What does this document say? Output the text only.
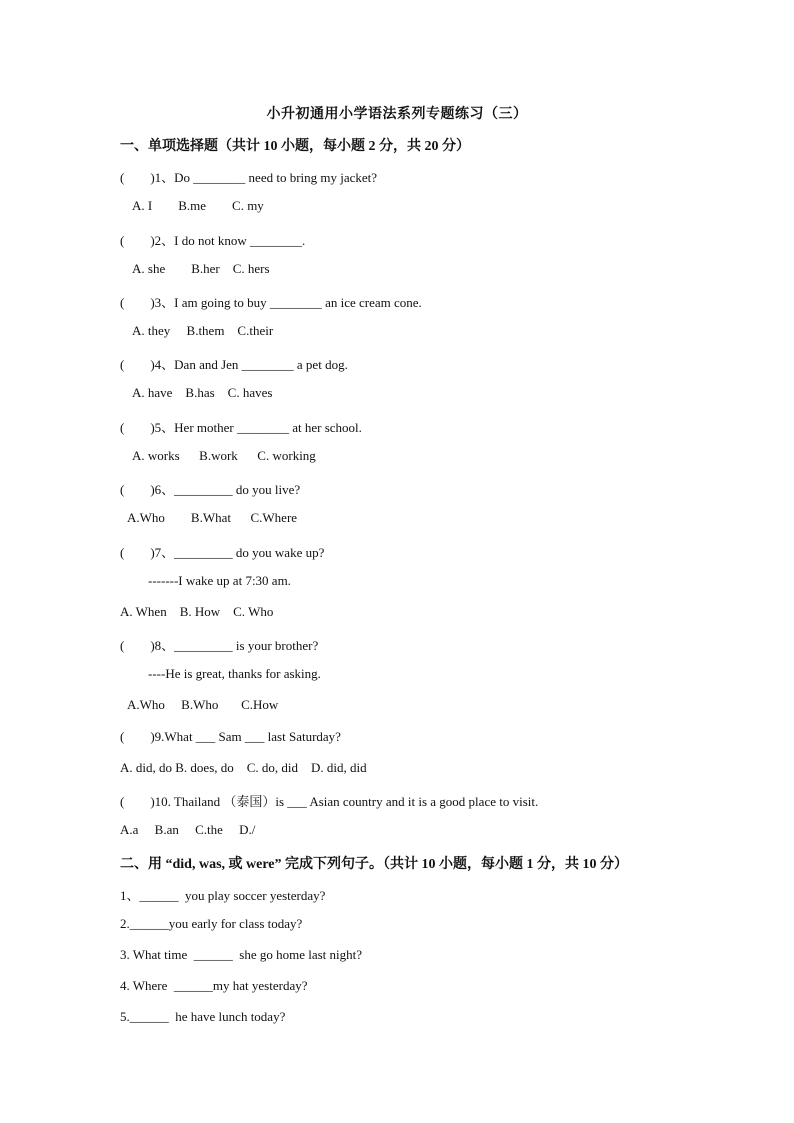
小升初通用小学语法系列专题练习（三）
一、单项选择题（共计 10 小题，每小题 2 分，共 20 分）
(        )1、Do ________ need to bring my jacket?
A. I        B.me        C. my
(        )2、I do not know ________.
A. she        B.her    C. hers
(        )3、I am going to buy ________ an ice cream cone.
A. they     B.them    C.their
(        )4、Dan and Jen ________ a pet dog.
A. have    B.has    C. haves
(        )5、Her mother ________ at her school.
A. works      B.work      C. working
(        )6、_________ do you live?
A.Who        B.What      C.Where
(        )7、_________ do you wake up?
-------I wake up at 7:30 am.
A. When    B. How    C. Who
(        )8、_________ is your brother?
----He is great, thanks for asking.
A.Who     B.Who       C.How
(        )9.What ___ Sam ___ last Saturday?
A. did, do B. does, do    C. do, did    D. did, did
(        )10. Thailand （泰国）is ___ Asian country and it is a good place to visit.
A.a     B.an     C.the     D./
二、用 “did, was, 或 were” 完成下列句子。（共计 10 小题，每小题 1 分，共 10 分）
1、______  you play soccer yesterday?
2.______you early for class today?
3. What time  ______  she go home last night?
4. Where  ______my hat yesterday?
5.______  he have lunch today?
